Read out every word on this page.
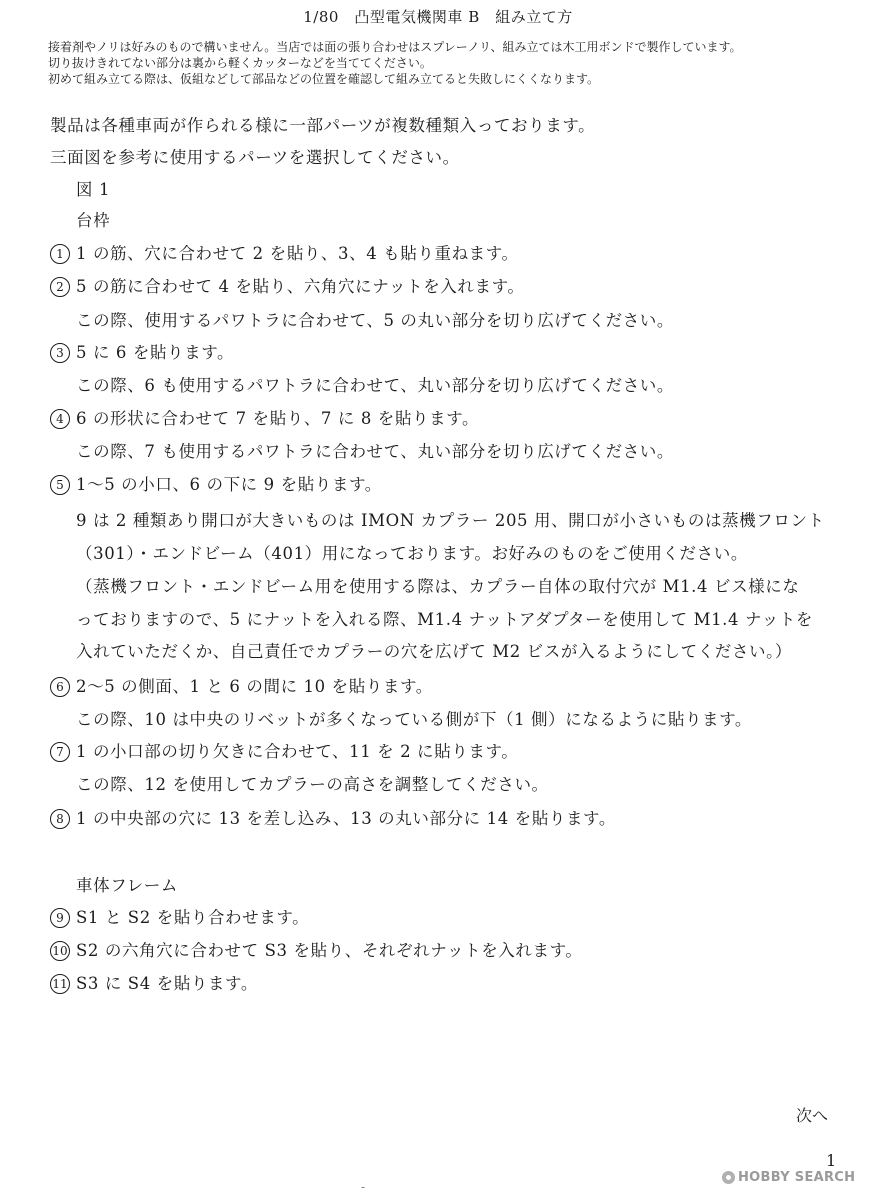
1/80　凸型電気機関車 B　組み立て方
接着剤やノリは好みのもので構いません。当店では面の張り合わせはスプレーノリ、組み立ては木工用ボンドで製作しています。
切り抜けきれてない部分は裏から軽くカッターなどを当ててください。
初めて組み立てる際は、仮組などして部品などの位置を確認して組み立てると失敗しにくくなります。
製品は各種車両が作られる様に一部パーツが複数種類入っております。
三面図を参考に使用するパーツを選択してください。
図 1
台枠
1 1 の筋、穴に合わせて 2 を貼り、3、4 も貼り重ねます。
2 5 の筋に合わせて 4 を貼り、六角穴にナットを入れます。
この際、使用するパワトラに合わせて、5 の丸い部分を切り広げてください。
3 5 に 6 を貼ります。
この際、6 も使用するパワトラに合わせて、丸い部分を切り広げてください。
4 6 の形状に合わせて 7 を貼り、7 に 8 を貼ります。
この際、7 も使用するパワトラに合わせて、丸い部分を切り広げてください。
5 1〜5 の小口、6 の下に 9 を貼ります。
9 は 2 種類あり開口が大きいものは IMON カプラー 205 用、開口が小さいものは蒸機フロント
（301）・エンドビーム（401）用になっております。お好みのものをご使用ください。
（蒸機フロント・エンドビーム用を使用する際は、カプラー自体の取付穴が M1.4 ビス様にな
っておりますので、5 にナットを入れる際、M1.4 ナットアダプターを使用して M1.4 ナットを
入れていただくか、自己責任でカプラーの穴を広げて M2 ビスが入るようにしてください。）
6 2〜5 の側面、1 と 6 の間に 10 を貼ります。
この際、10 は中央のリベットが多くなっている側が下（1 側）になるように貼ります。
7 1 の小口部の切り欠きに合わせて、11 を 2 に貼ります。
この際、12 を使用してカプラーの高さを調整してください。
8 1 の中央部の穴に 13 を差し込み、13 の丸い部分に 14 を貼ります。
車体フレーム
9 S1 と S2 を貼り合わせます。
10 S2 の六角穴に合わせて S3 を貼り、それぞれナットを入れます。
11 S3 に S4 を貼ります。
次へ
1
-
HOBBY SEARCH
